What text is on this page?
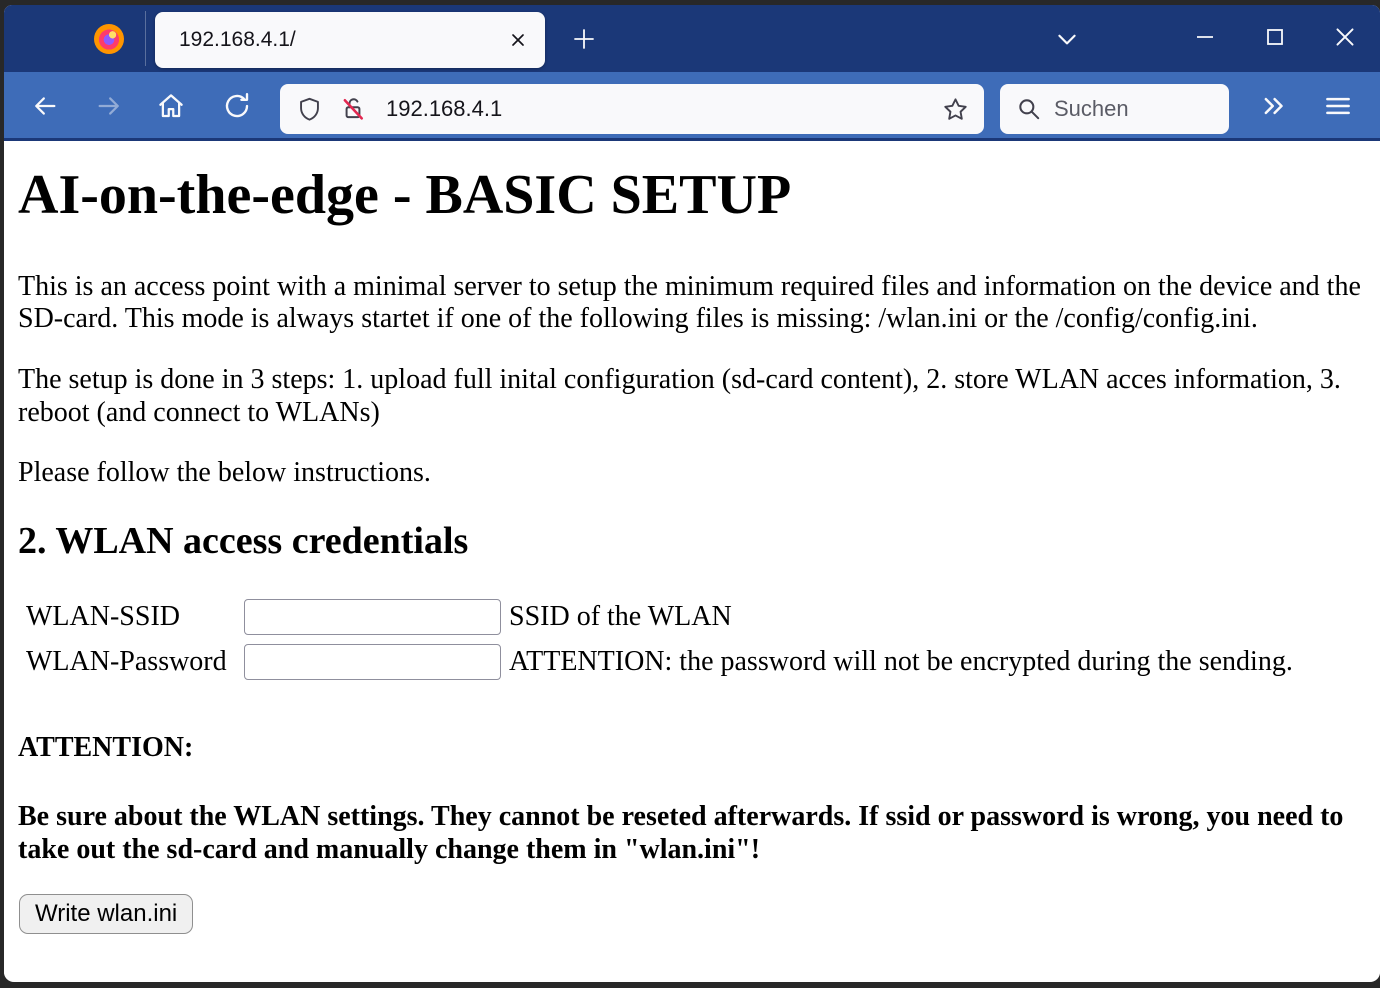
192.168.4.1/
192.168.4.1	Suchen
AI-on-the-edge - BASIC SETUP

This is an access point with a minimal server to setup the minimum required files and information on the device and the SD-card. This mode is always startet if one of the following files is missing: /wlan.ini or the /config/config.ini.

The setup is done in 3 steps: 1. upload full inital configuration (sd-card content), 2. store WLAN acces information, 3. reboot (and connect to WLANs)

Please follow the below instructions.

2. WLAN access credentials
WLAN-SSID	SSID of the WLAN
WLAN-Password	ATTENTION: the password will not be encrypted during the sending.

ATTENTION:

Be sure about the WLAN settings. They cannot be reseted afterwards. If ssid or password is wrong, you need to take out the sd-card and manually change them in "wlan.ini"!

Write wlan.ini
